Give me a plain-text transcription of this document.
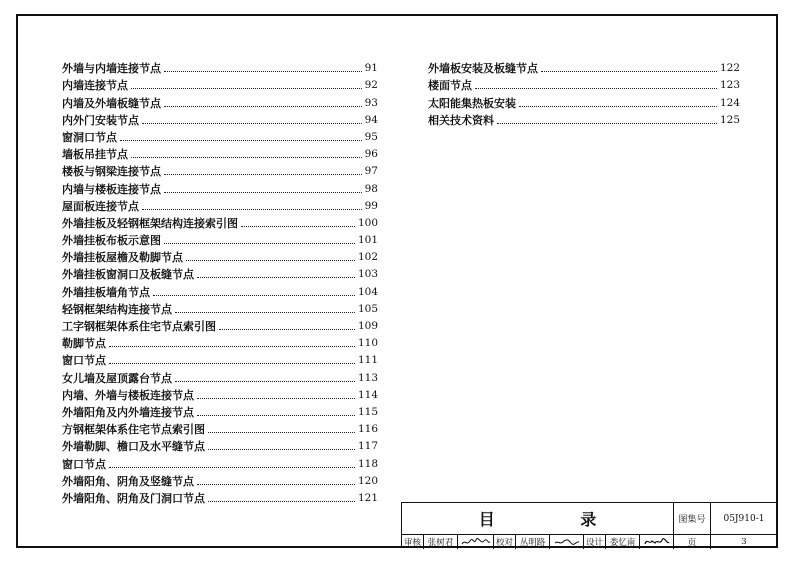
外墙与内墙连接节点	91
内墙连接节点	92
内墙及外墙板缝节点	93
内外门安装节点	94
窗洞口节点	95
墙板吊挂节点	96
楼板与钢梁连接节点	97
内墙与楼板连接节点	98
屋面板连接节点	99
外墙挂板及轻钢框架结构连接索引图	100
外墙挂板布板示意图	101
外墙挂板屋檐及勒脚节点	102
外墙挂板窗洞口及板缝节点	103
外墙挂板墙角节点	104
轻钢框架结构连接节点	105
工字钢框架体系住宅节点索引图	109
勒脚节点	110
窗口节点	111
女儿墙及屋顶露台节点	113
内墙、外墙与楼板连接节点	114
外墙阳角及内外墙连接节点	115
方钢框架体系住宅节点索引图	116
外墙勒脚、檐口及水平缝节点	117
窗口节点	118
外墙阳角、阴角及竖缝节点	120
外墙阳角、阴角及门洞口节点	121
外墙板安装及板缝节点	122
楼面节点	123
太阳能集热板安装	124
相关技术资料	125
目 录	图集号	05J910-1
审核 张树君	校对 丛明路	设计 娄忆南	页	3
